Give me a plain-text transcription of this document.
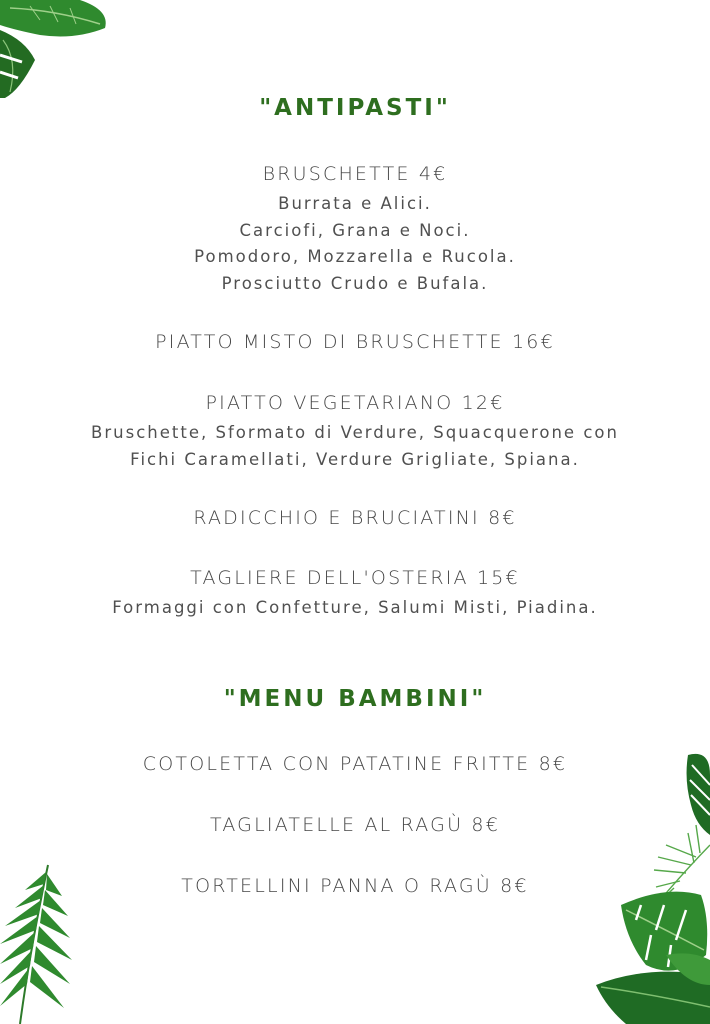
"ANTIPASTI"
BRUSCHETTE 4€
Burrata e Alici.
Carciofi, Grana e Noci.
Pomodoro, Mozzarella e Rucola.
Prosciutto Crudo e Bufala.
PIATTO MISTO DI BRUSCHETTE 16€
PIATTO VEGETARIANO 12€
Bruschette, Sformato di Verdure, Squacquerone con
Fichi Caramellati, Verdure Grigliate, Spiana.
RADICCHIO E BRUCIATINI 8€
TAGLIERE DELL'OSTERIA 15€
Formaggi con Confetture, Salumi Misti, Piadina.
"MENU BAMBINI"
COTOLETTA CON PATATINE FRITTE 8€
TAGLIATELLE AL RAGÙ 8€
TORTELLINI PANNA O RAGÙ 8€
